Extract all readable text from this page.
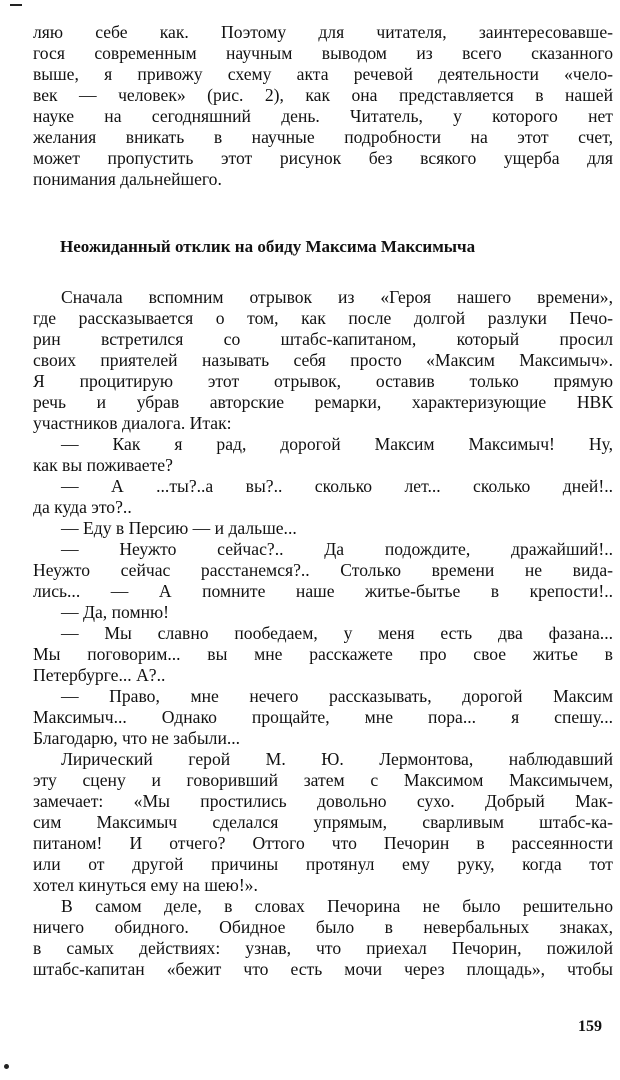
ляю себе как. Поэтому для читателя, заинтересовавше-
гося современным научным выводом из всего сказанного
выше, я привожу схему акта речевой деятельности «чело-
век — человек» (рис. 2), как она представляется в нашей
науке на сегодняшний день. Читатель, у которого нет
желания вникать в научные подробности на этот счет,
может пропустить этот рисунок без всякого ущерба для
понимания дальнейшего.
Неожиданный отклик на обиду Максима Максимыча
Сначала вспомним отрывок из «Героя нашего времени»,
где рассказывается о том, как после долгой разлуки Печо-
рин встретился со штабс-капитаном, который просил
своих приятелей называть себя просто «Максим Максимыч».
Я процитирую этот отрывок, оставив только прямую
речь и убрав авторские ремарки, характеризующие НВК
участников диалога. Итак:
— Как я рад, дорогой Максим Максимыч! Ну,
как вы поживаете?
— А ...ты?..а вы?.. сколько лет... сколько дней!..
да куда это?..
— Еду в Персию — и дальше...
— Неужто сейчас?.. Да подождите, дражайший!..
Неужто сейчас расстанемся?.. Столько времени не вида-
лись... — А помните наше житье-бытье в крепости!..
— Да, помню!
— Мы славно пообедаем, у меня есть два фазана...
Мы поговорим... вы мне расскажете про свое житье в
Петербурге... А?..
— Право, мне нечего рассказывать, дорогой Максим
Максимыч... Однако прощайте, мне пора... я спешу...
Благодарю, что не забыли...
Лирический герой М. Ю. Лермонтова, наблюдавший
эту сцену и говоривший затем с Максимом Максимычем,
замечает: «Мы простились довольно сухо. Добрый Мак-
сим Максимыч сделался упрямым, сварливым штабс-ка-
питаном! И отчего? Оттого что Печорин в рассеянности
или от другой причины протянул ему руку, когда тот
хотел кинуться ему на шею!».
В самом деле, в словах Печорина не было решительно
ничего обидного. Обидное было в невербальных знаках,
в самых действиях: узнав, что приехал Печорин, пожилой
штабс-капитан «бежит что есть мочи через площадь», чтобы
159
